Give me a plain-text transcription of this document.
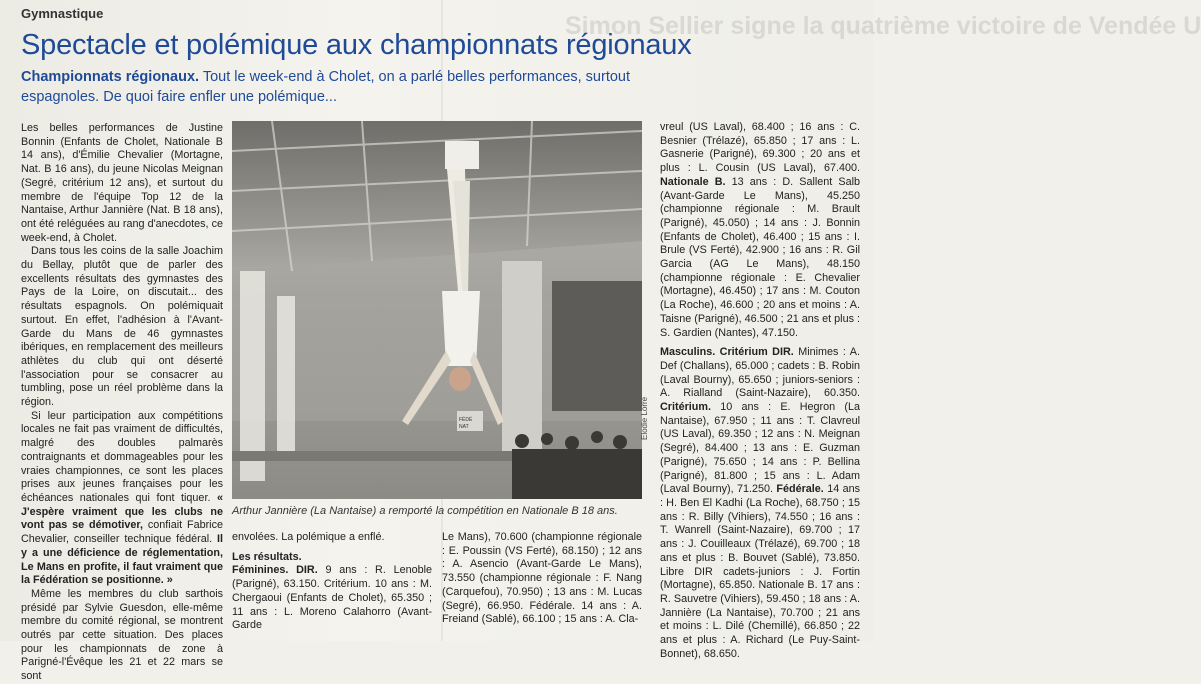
Simon Sellier signe la quatrième victoire de Vendée U
Gymnastique
Spectacle et polémique aux championnats régionaux
Championnats régionaux. Tout le week-end à Cholet, on a parlé belles performances, surtout espagnoles. De quoi faire enfler une polémique...

Les belles performances de Justine Bonnin (Enfants de Cholet, Nationale B 14 ans), d'Émilie Chevalier (Mortagne, Nat. B 16 ans), du jeune Nicolas Meignan (Segré, critérium 12 ans), et surtout du membre de l'équipe Top 12 de la Nantaise, Arthur Jannière (Nat. B 18 ans), ont été reléguées au rang d'anecdotes, ce week-end, à Cholet.

Dans tous les coins de la salle Joachim du Bellay, plutôt que de parler des excellents résultats des gymnastes des Pays de la Loire, on discutait... des résultats espagnols. On polémiquait surtout. En effet, l'adhésion à l'Avant-Garde du Mans de 46 gymnastes ibériques, en remplacement des meilleurs athlètes du club qui ont déserté l'association pour se consacrer au tumbling, pose un réel problème dans la région.

Si leur participation aux compétitions locales ne fait pas vraiment de difficultés, malgré des doubles palmarès contraignants et dommageables pour les vraies championnes, ce sont les places prises aux jeunes françaises pour les échéances nationales qui font tiquer. « J'espère vraiment que les clubs ne vont pas se démotiver, confiait Fabrice Chevalier, conseiller technique fédéral. Il y a une déficience de réglementation, Le Mans en profite, il faut vraiment que la Fédération se positionne. »

Même les membres du club sarthois présidé par Sylvie Guesdon, elle-même membre du comité régional, se montrent outrés par cette situation. Des places pour les championnats de zone à Parigné-l'Évêque les 21 et 22 mars se sont

FÉDÉ
NAT	Elodie Lorre
Arthur Jannière (La Nantaise) a remporté la compétition en Nationale B 18 ans.

envolées. La polémique a enflé.

Les résultats.

Féminines. DIR. 9 ans : R. Lenoble (Parigné), 63.150. Critérium. 10 ans : M. Chergaoui (Enfants de Cholet), 65.350 ; 11 ans : L. Moreno Calahorro (Avant-Garde

Le Mans), 70.600 (championne régionale : E. Poussin (VS Ferté), 68.150) ; 12 ans : A. Asencio (Avant-Garde Le Mans), 73.550 (championne régionale : F. Nang (Carquefou), 70.950) ; 13 ans : M. Lucas (Segré), 66.950. Fédérale. 14 ans : A. Freiand (Sablé), 66.100 ; 15 ans : A. Cla-

vreul (US Laval), 68.400 ; 16 ans : C. Besnier (Trélazé), 65.850 ; 17 ans : L. Gasnerie (Parigné), 69.300 ; 20 ans et plus : L. Cousin (US Laval), 67.400. Nationale B. 13 ans : D. Sallent Salb (Avant-Garde Le Mans), 45.250 (championne régionale : M. Brault (Parigné), 45.050) ; 14 ans : J. Bonnin (Enfants de Cholet), 46.400 ; 15 ans : I. Brule (VS Ferté), 42.900 ; 16 ans : R. Gil Garcia (AG Le Mans), 48.150 (championne régionale : E. Chevalier (Mortagne), 46.450) ; 17 ans : M. Couton (La Roche), 46.600 ; 20 ans et moins : A. Taisne (Parigné), 46.500 ; 21 ans et plus : S. Gardien (Nantes), 47.150.

Masculins. Critérium DIR. Minimes : A. Def (Challans), 65.000 ; cadets : B. Robin (Laval Bourny), 65.650 ; juniors-seniors : A. Rialland (Saint-Nazaire), 60.350. Critérium. 10 ans : E. Hegron (La Nantaise), 67.950 ; 11 ans : T. Clavreul (US Laval), 69.350 ; 12 ans : N. Meignan (Segré), 84.400 ; 13 ans : E. Guzman (Parigné), 75.650 ; 14 ans : P. Bellina (Parigné), 81.800 ; 15 ans : L. Adam (Laval Bourny), 71.250. Fédérale. 14 ans : H. Ben El Kadhi (La Roche), 68.750 ; 15 ans : R. Billy (Vihiers), 74.550 ; 16 ans : T. Wanrell (Saint-Nazaire), 69.700 ; 17 ans : J. Couilleaux (Trélazé), 69.700 ; 18 ans et plus : B. Bouvet (Sablé), 73.850. Libre DIR cadets-juniors : J. Fortin (Mortagne), 65.850. Nationale B. 17 ans : R. Sauvetre (Vihiers), 59.450 ; 18 ans : A. Jannière (La Nantaise), 70.700 ; 21 ans et moins : L. Dilé (Chemillé), 66.850 ; 22 ans et plus : A. Richard (Le Puy-Saint-Bonnet), 68.650.
